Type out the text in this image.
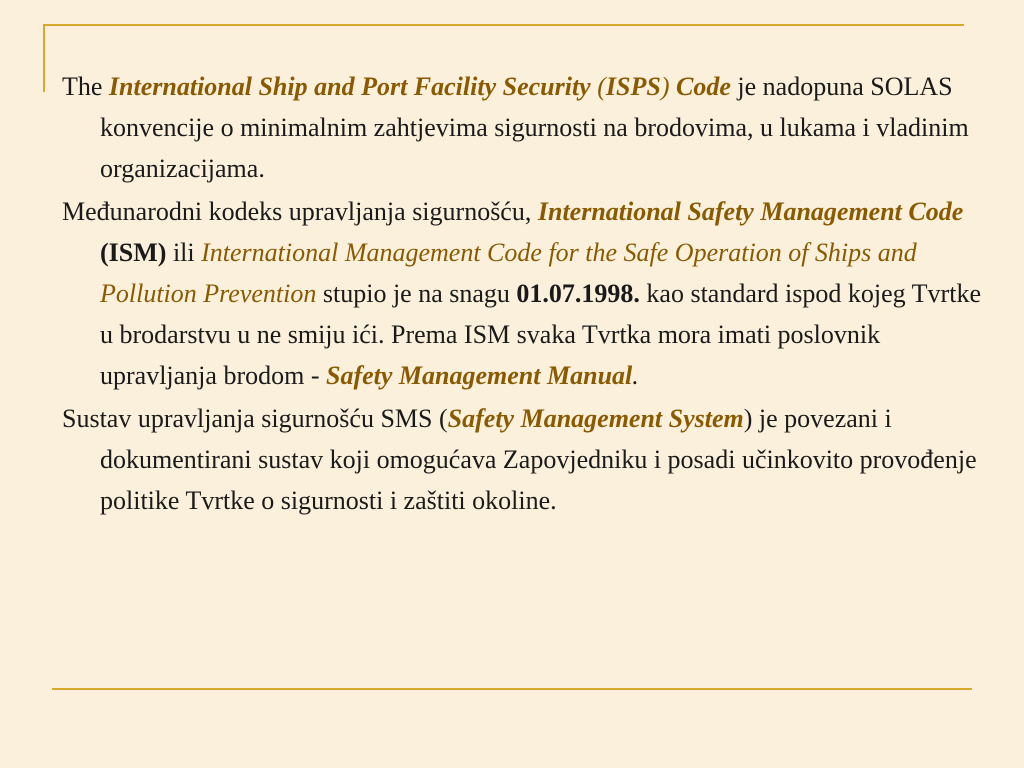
The International Ship and Port Facility Security (ISPS) Code je nadopuna SOLAS konvencije o minimalnim zahtjevima sigurnosti na brodovima, u lukama i vladinim organizacijama.

Međunarodni kodeks upravljanja sigurnošću, International Safety Management Code (ISM) ili International Management Code for the Safe Operation of Ships and Pollution Prevention stupio je na snagu 01.07.1998. kao standard ispod kojeg Tvrtke u brodarstvu u ne smiju ići. Prema ISM svaka Tvrtka mora imati poslovnik upravljanja brodom - Safety Management Manual.

Sustav upravljanja sigurnošću SMS (Safety Management System) je povezani i dokumentirani sustav koji omogućava Zapovjedniku i posadi učinkovito provođenje politike Tvrtke o sigurnosti i zaštiti okoline.
